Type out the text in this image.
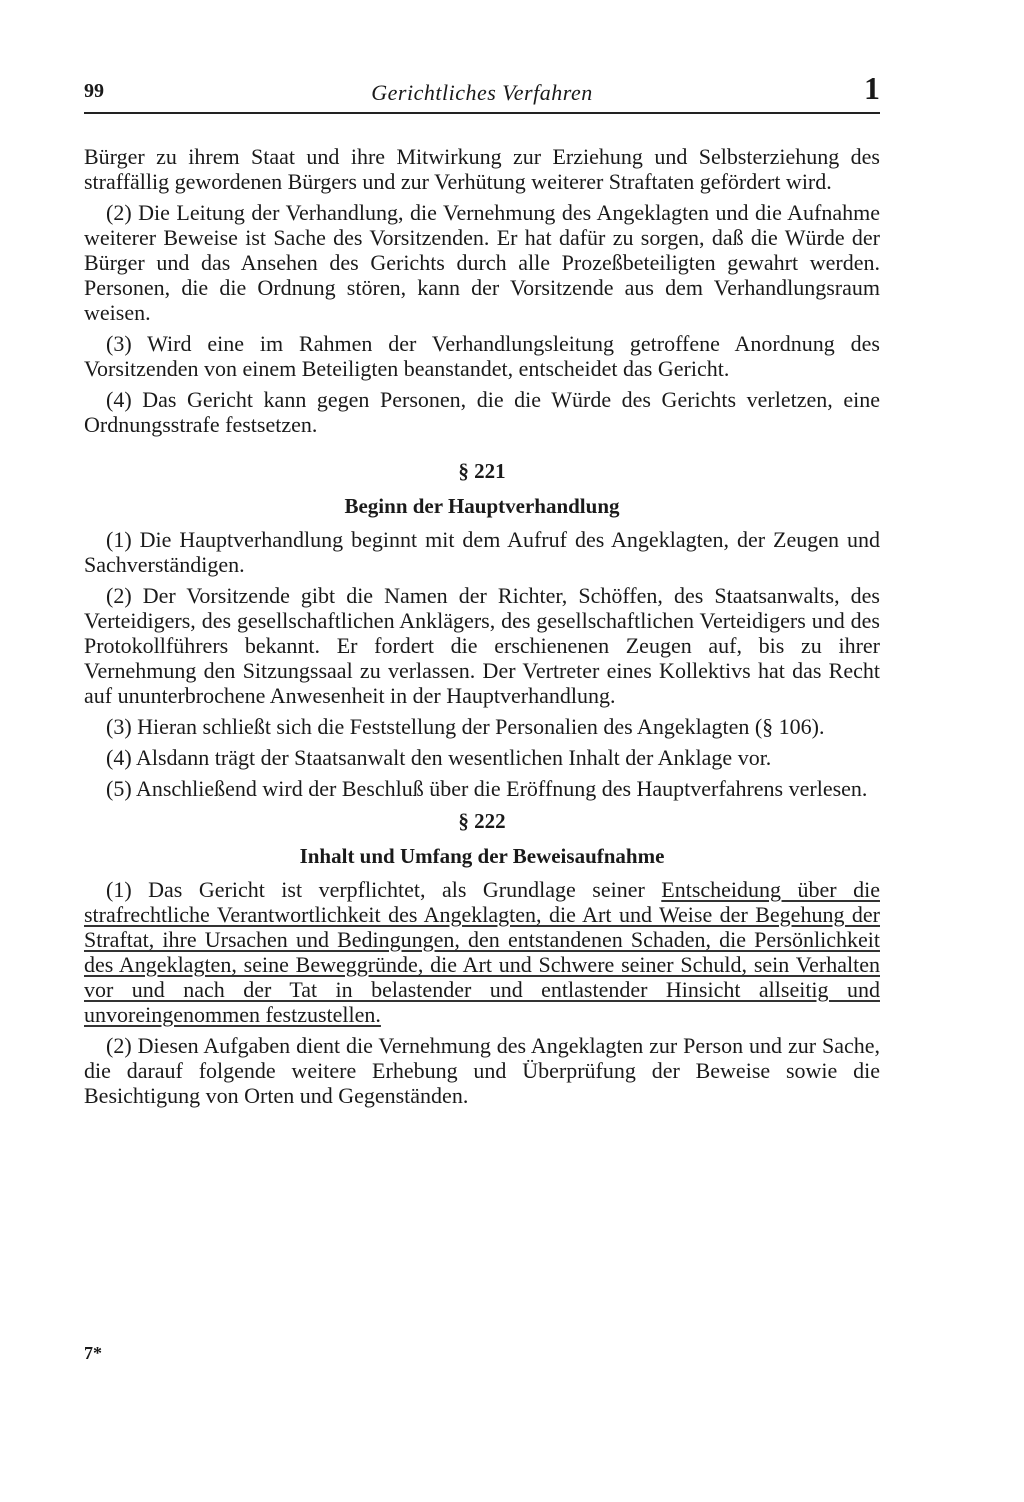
99	Gerichtliches Verfahren	1

Bürger zu ihrem Staat und ihre Mitwirkung zur Erziehung und Selbsterziehung des straffällig gewordenen Bürgers und zur Verhütung weiterer Straftaten gefördert wird.

(2) Die Leitung der Verhandlung, die Vernehmung des Angeklagten und die Aufnahme weiterer Beweise ist Sache des Vorsitzenden. Er hat dafür zu sorgen, daß die Würde der Bürger und das Ansehen des Gerichts durch alle Prozeßbeteiligten gewahrt werden. Personen, die die Ordnung stören, kann der Vorsitzende aus dem Verhandlungsraum weisen.

(3) Wird eine im Rahmen der Verhandlungsleitung getroffene Anordnung des Vorsitzenden von einem Beteiligten beanstandet, entscheidet das Gericht.

(4) Das Gericht kann gegen Personen, die die Würde des Gerichts verletzen, eine Ordnungsstrafe festsetzen.

§ 221
Beginn der Hauptverhandlung

(1) Die Hauptverhandlung beginnt mit dem Aufruf des Angeklagten, der Zeugen und Sachverständigen.

(2) Der Vorsitzende gibt die Namen der Richter, Schöffen, des Staatsanwalts, des Verteidigers, des gesellschaftlichen Anklägers, des gesellschaftlichen Verteidigers und des Protokollführers bekannt. Er fordert die erschienenen Zeugen auf, bis zu ihrer Vernehmung den Sitzungssaal zu verlassen. Der Vertreter eines Kollektivs hat das Recht auf ununterbrochene Anwesenheit in der Hauptverhandlung.

(3) Hieran schließt sich die Feststellung der Personalien des Angeklagten (§ 106).

(4) Alsdann trägt der Staatsanwalt den wesentlichen Inhalt der Anklage vor.

(5) Anschließend wird der Beschluß über die Eröffnung des Hauptverfahrens verlesen.

§ 222
Inhalt und Umfang der Beweisaufnahme

(1) Das Gericht ist verpflichtet, als Grundlage seiner Entscheidung über die strafrechtliche Verantwortlichkeit des Angeklagten, die Art und Weise der Begehung der Straftat, ihre Ursachen und Bedingungen, den entstandenen Schaden, die Persönlichkeit des Angeklagten, seine Beweggründe, die Art und Schwere seiner Schuld, sein Verhalten vor und nach der Tat in belastender und entlastender Hinsicht allseitig und unvoreingenommen festzustellen.

(2) Diesen Aufgaben dient die Vernehmung des Angeklagten zur Person und zur Sache, die darauf folgende weitere Erhebung und Überprüfung der Beweise sowie die Besichtigung von Orten und Gegenständen.

7*
